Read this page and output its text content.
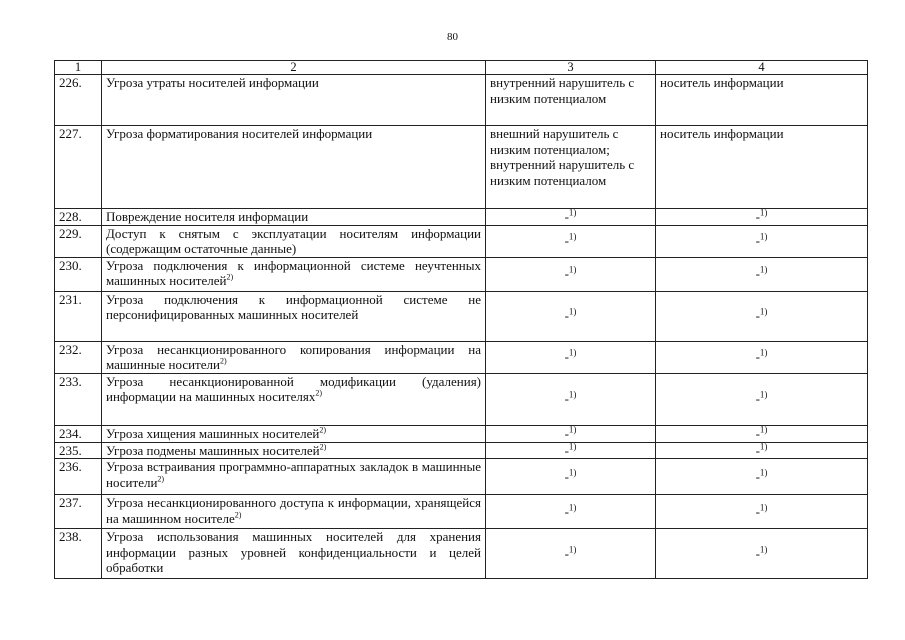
80
1	2	3	4
226.	Угроза утраты носителей информации	внутренний нарушитель с низким потенциалом	носитель информации
227.	Угроза форматирования носителей информации	внешний нарушитель с низким потенциалом; внутренний нарушитель с низким потенциалом	носитель информации
228.	Повреждение носителя информации	-$^{1)}$	-$^{1)}$
229.	Доступ к снятым с эксплуатации носителям информации (содержащим остаточные данные)	-$^{1)}$	-$^{1)}$
230.	Угроза подключения к информационной системе неучтенных машинных носителей$^{2)}$	-$^{1)}$	-$^{1)}$
231.	Угроза подключения к информационной системе не персонифицированных машинных носителей	-$^{1)}$	-$^{1)}$
232.	Угроза несанкционированного копирования информации на машинные носители$^{2)}$	-$^{1)}$	-$^{1)}$
233.	Угроза несанкционированной модификации (удаления) информации на машинных носителях$^{2)}$	-$^{1)}$	-$^{1)}$
234.	Угроза хищения машинных носителей$^{2)}$	-$^{1)}$	-$^{1)}$
235.	Угроза подмены машинных носителей$^{2)}$	-$^{1)}$	-$^{1)}$
236.	Угроза встраивания программно-аппаратных закладок в машинные носители$^{2)}$	-$^{1)}$	-$^{1)}$
237.	Угроза несанкционированного доступа к информации, хранящейся на машинном носителе$^{2)}$	-$^{1)}$	-$^{1)}$
238.	Угроза использования машинных носителей для хранения информации разных уровней конфиденциальности и целей обработки	-$^{1)}$	-$^{1)}$
